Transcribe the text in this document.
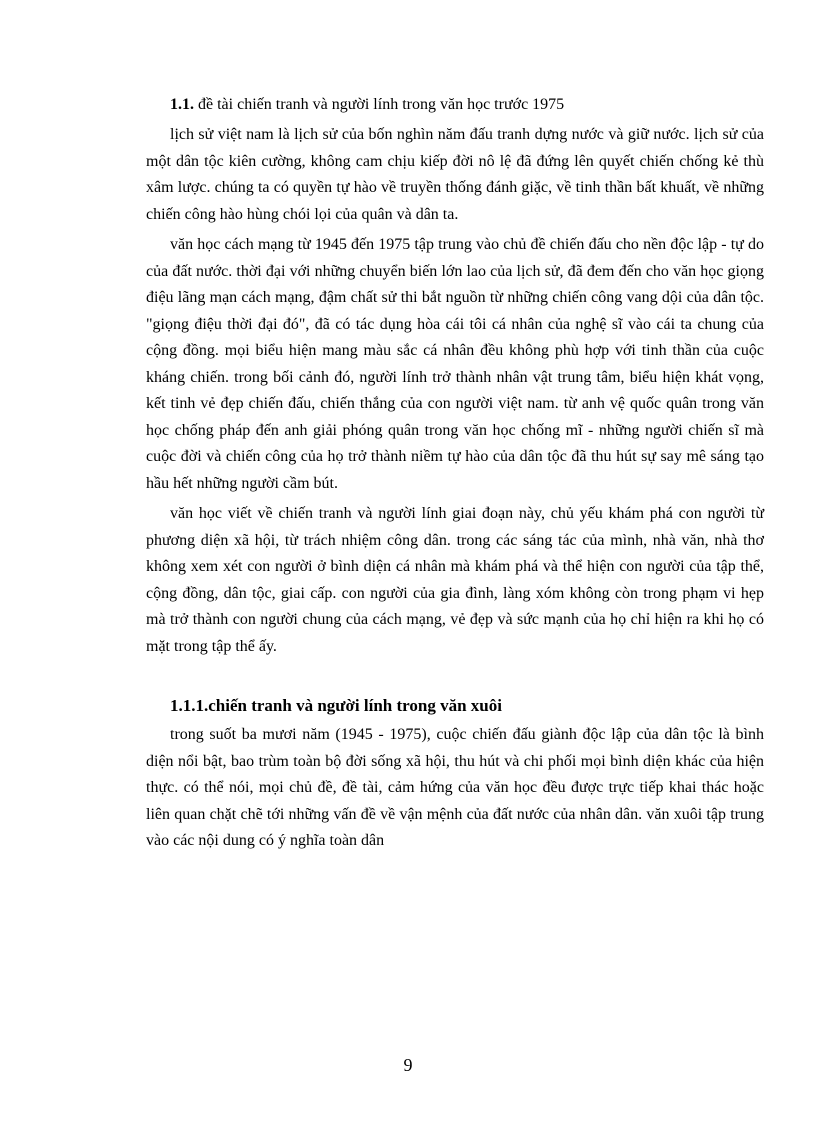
1.1. đề tài chiến tranh và người lính trong văn học trước 1975

lịch sử việt nam là lịch sử của bốn nghìn năm đấu tranh dựng nước và giữ nước. lịch sử của một dân tộc kiên cường, không cam chịu kiếp đời nô lệ đã đứng lên quyết chiến chống kẻ thù xâm lược. chúng ta có quyền tự hào về truyền thống đánh giặc, về tinh thần bất khuất, về những chiến công hào hùng chói lọi của quân và dân ta.

văn học cách mạng từ 1945 đến 1975 tập trung vào chủ đề chiến đấu cho nền độc lập - tự do của đất nước. thời đại với những chuyển biến lớn lao của lịch sử, đã đem đến cho văn học giọng điệu lãng mạn cách mạng, đậm chất sử thi bắt nguồn từ những chiến công vang dội của dân tộc. "giọng điệu thời đại đó", đã có tác dụng hòa cái tôi cá nhân của nghệ sĩ vào cái ta chung của cộng đồng. mọi biểu hiện mang màu sắc cá nhân đều không phù hợp với tinh thần của cuộc kháng chiến. trong bối cảnh đó, người lính trở thành nhân vật trung tâm, biểu hiện khát vọng, kết tinh vẻ đẹp chiến đấu, chiến thắng của con người việt nam. từ anh vệ quốc quân trong văn học chống pháp đến anh giải phóng quân trong văn học chống mĩ - những người chiến sĩ mà cuộc đời và chiến công của họ trở thành niềm tự hào của dân tộc đã thu hút sự say mê sáng tạo hầu hết những người cầm bút.

văn học viết về chiến tranh và người lính giai đoạn này, chủ yếu khám phá con người từ phương diện xã hội, từ trách nhiệm công dân. trong các sáng tác của mình, nhà văn, nhà thơ không xem xét con người ở bình diện cá nhân mà khám phá và thể hiện con người của tập thể, cộng đồng, dân tộc, giai cấp. con người của gia đình, làng xóm không còn trong phạm vi hẹp mà trở thành con người chung của cách mạng, vẻ đẹp và sức mạnh của họ chỉ hiện ra khi họ có mặt trong tập thể ấy.

1.1.1.chiến tranh và người lính trong văn xuôi

trong suốt ba mươi năm (1945 - 1975), cuộc chiến đấu giành độc lập của dân tộc là bình diện nổi bật, bao trùm toàn bộ đời sống xã hội, thu hút và chi phối mọi bình diện khác của hiện thực. có thể nói, mọi chủ đề, đề tài, cảm hứng của văn học đều được trực tiếp khai thác hoặc liên quan chặt chẽ tới những vấn đề về vận mệnh của đất nước của nhân dân. văn xuôi tập trung vào các nội dung có ý nghĩa toàn dân

9
